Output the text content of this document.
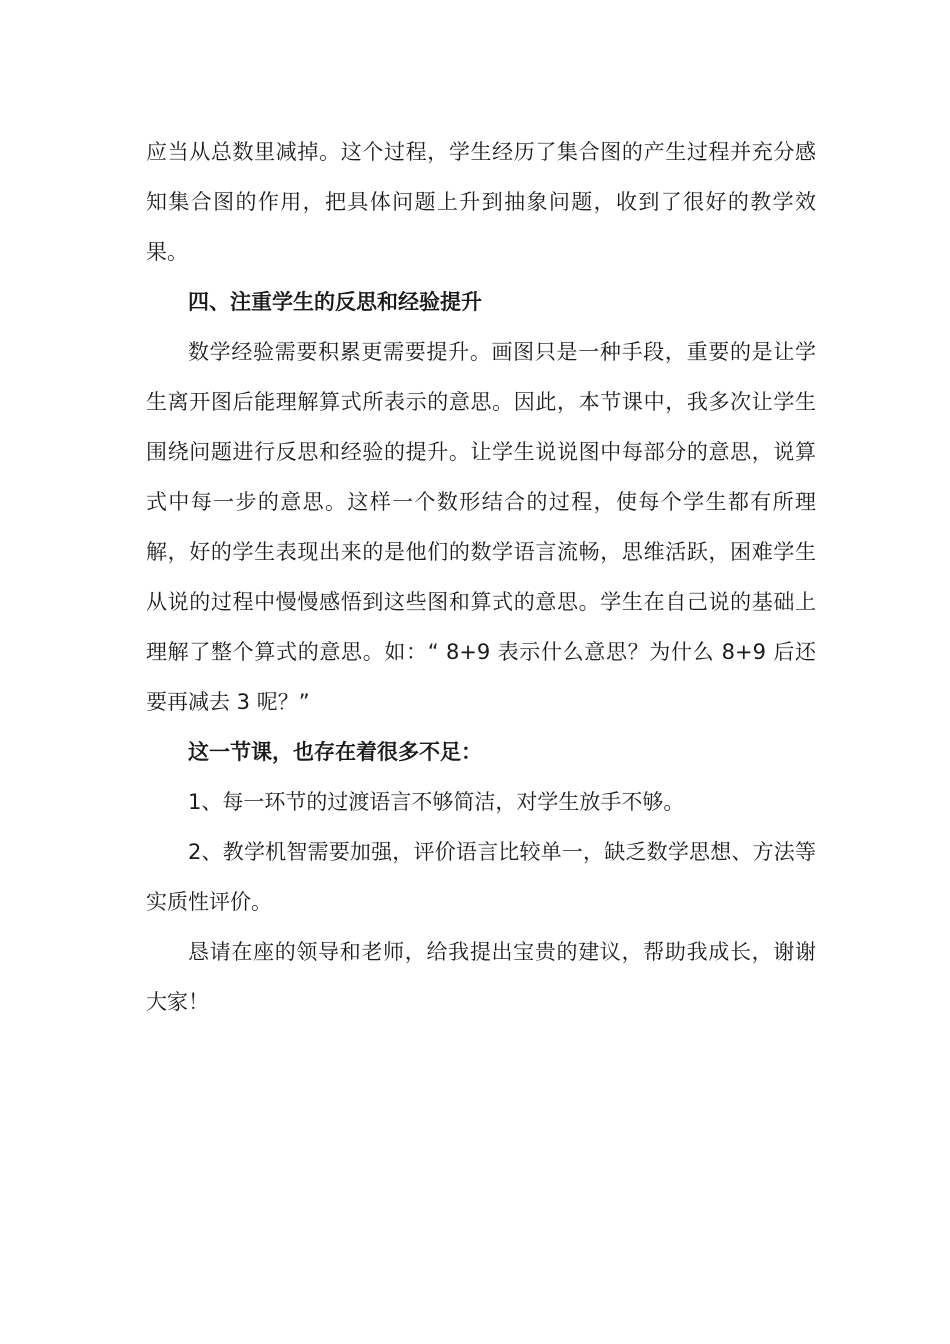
应当从总数里减掉。这个过程，学生经历了集合图的产生过程并充分感知集合图的作用，把具体问题上升到抽象问题，收到了很好的教学效果。

四、注重学生的反思和经验提升

数学经验需要积累更需要提升。画图只是一种手段，重要的是让学生离开图后能理解算式所表示的意思。因此，本节课中，我多次让学生围绕问题进行反思和经验的提升。让学生说说图中每部分的意思，说算式中每一步的意思。这样一个数形结合的过程，使每个学生都有所理解，好的学生表现出来的是他们的数学语言流畅，思维活跃，困难学生从说的过程中慢慢感悟到这些图和算式的意思。学生在自己说的基础上理解了整个算式的意思。如：“ 8+9 表示什么意思？为什么 8+9 后还要再减去 3 呢？”

这一节课，也存在着很多不足：

1、每一环节的过渡语言不够简洁，对学生放手不够。

2、教学机智需要加强，评价语言比较单一，缺乏数学思想、方法等实质性评价。

恳请在座的领导和老师，给我提出宝贵的建议，帮助我成长，谢谢大家！
